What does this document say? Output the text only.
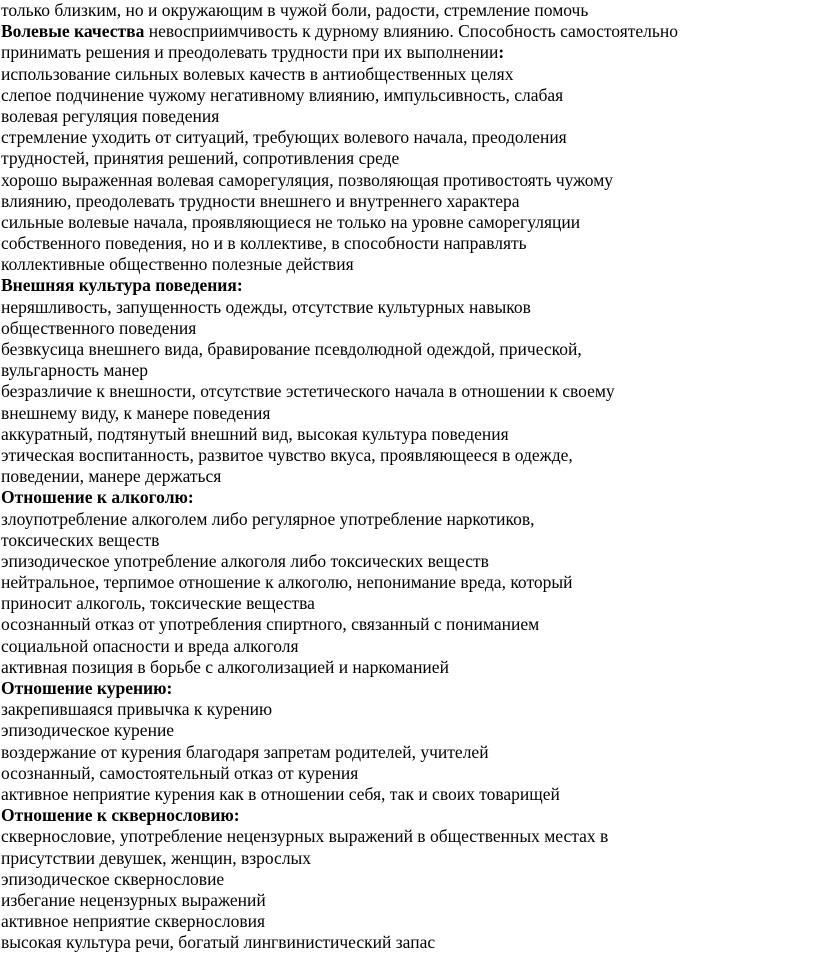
только близким, но и окружающим в чужой боли, радости, стремление помочь
Волевые качества невосприимчивость к дурному влиянию. Способность самостоятельно
принимать решения и преодолевать трудности при их выполнении:
использование сильных волевых качеств в антиобщественных целях
слепое подчинение чужому негативному влиянию, импульсивность, слабая
волевая регуляция поведения
стремление уходить от ситуаций, требующих волевого начала, преодоления
трудностей, принятия решений, сопротивления среде
хорошо выраженная волевая саморегуляция, позволяющая противостоять чужому
влиянию, преодолевать трудности внешнего и внутреннего характера
сильные волевые начала, проявляющиеся не только на уровне саморегуляции
собственного поведения, но и в коллективе, в способности направлять
коллективные общественно полезные действия
Внешняя культура поведения:
неряшливость, запущенность одежды, отсутствие культурных навыков
общественного поведения
безвкусица внешнего вида, бравирование псевдолюдной одеждой, прической,
вульгарность манер
безразличие к внешности, отсутствие эстетического начала в отношении к своему
внешнему виду, к манере поведения
аккуратный, подтянутый внешний вид, высокая культура поведения
этическая воспитанность, развитое чувство вкуса, проявляющееся в одежде,
поведении, манере держаться
Отношение к алкоголю:
злоупотребление алкоголем либо регулярное употребление наркотиков,
токсических веществ
эпизодическое употребление алкоголя либо токсических веществ
нейтральное, терпимое отношение к алкоголю, непонимание вреда, который
приносит алкоголь, токсические вещества
осознанный отказ от употребления спиртного, связанный с пониманием
социальной опасности и вреда алкоголя
активная позиция в борьбе с алкоголизацией и наркоманией
Отношение курению:
закрепившаяся привычка к курению
эпизодическое курение
воздержание от курения благодаря запретам родителей, учителей
осознанный, самостоятельный отказ от курения
активное неприятие курения как в отношении себя, так и своих товарищей
Отношение к сквернословию:
сквернословие, употребление нецензурных выражений в общественных местах в
присутствии девушек, женщин, взрослых
эпизодическое сквернословие
избегание нецензурных выражений
активное неприятие сквернословия
высокая культура речи, богатый лингвинистический запас
